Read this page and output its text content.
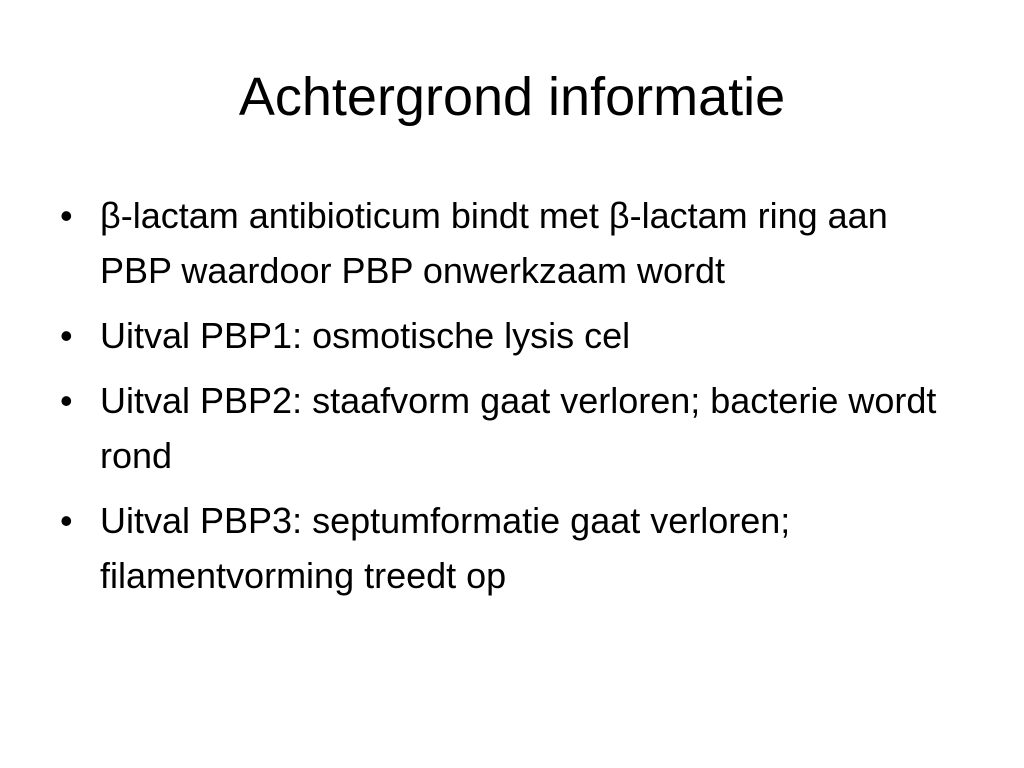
Achtergrond informatie
• β-lactam antibioticum bindt met β-lactam ring aan PBP waardoor PBP onwerkzaam wordt
• Uitval PBP1: osmotische lysis cel
• Uitval PBP2: staafvorm gaat verloren; bacterie wordt rond
• Uitval PBP3: septumformatie gaat verloren; filamentvorming treedt op
